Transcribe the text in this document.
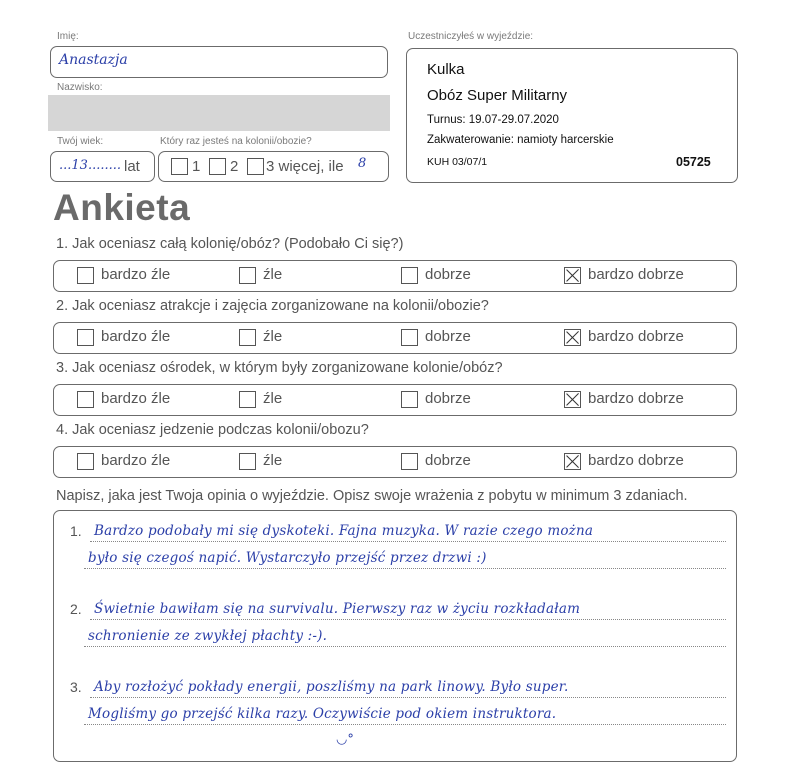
Imię:
Anastazja
Nazwisko:
Twój wiek:
...13........ lat
Który raz jesteś na kolonii/obozie?
1 2 3 więcej, ile 8
Uczestniczyłeś w wyjeździe:
Kulka
Obóz Super Militarny
Turnus: 19.07-29.07.2020
Zakwaterowanie: namioty harcerskie
KUH 03/07/1	05725
Ankieta
1. Jak oceniasz całą kolonię/obóz? (Podobało Ci się?)
bardzo źle	źle	dobrze	bardzo dobrze
2. Jak oceniasz atrakcje i zajęcia zorganizowane na kolonii/obozie?
bardzo źle	źle	dobrze	bardzo dobrze
3. Jak oceniasz ośrodek, w którym były zorganizowane kolonie/obóz?
bardzo źle	źle	dobrze	bardzo dobrze
4. Jak oceniasz jedzenie podczas kolonii/obozu?
bardzo źle	źle	dobrze	bardzo dobrze
Napisz, jaka jest Twoja opinia o wyjeździe. Opisz swoje wrażenia z pobytu w minimum 3 zdaniach.
1. Bardzo podobały mi się dyskoteki. Fajna muzyka. W razie czego można
było się czegoś napić. Wystarczyło przejść przez drzwi :)
2. Świetnie bawiłam się na survivalu. Pierwszy raz w życiu rozkładałam
schronienie ze zwykłej płachty :-).
3. Aby rozłożyć pokłady energii, poszliśmy na park linowy. Było super.
Mogliśmy go przejść kilka razy. Oczywiście pod okiem instruktora.
◡°
